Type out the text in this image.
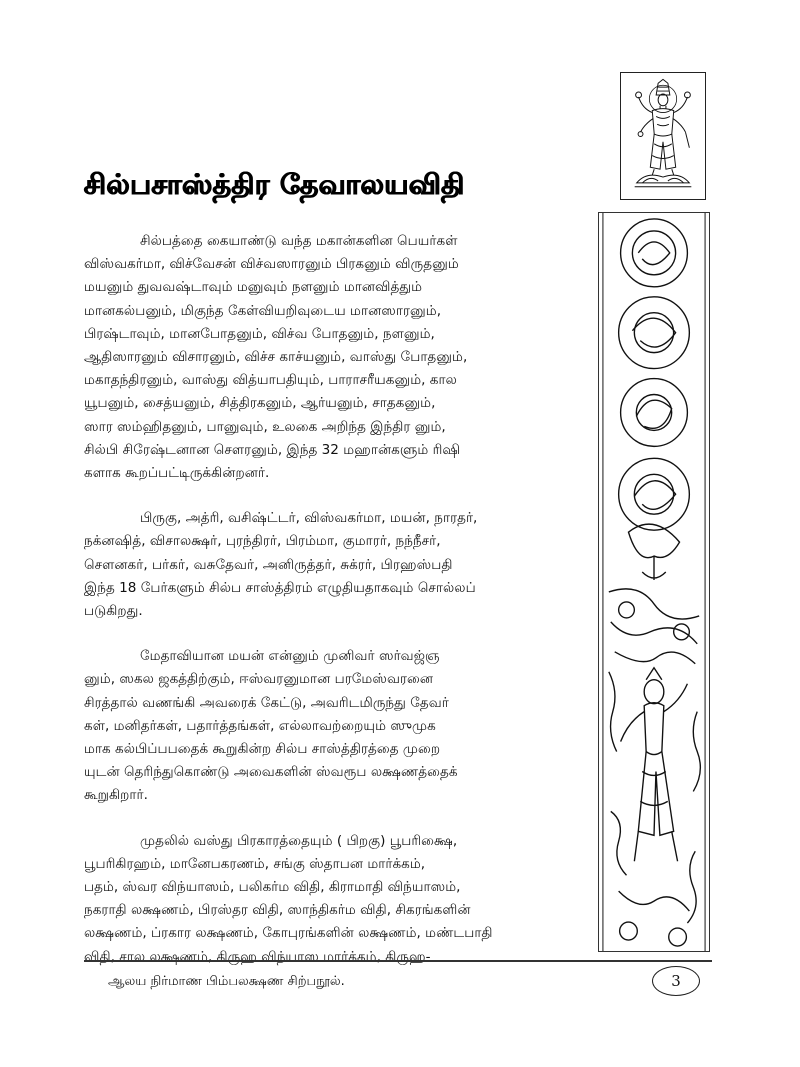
சில்பசாஸ்த்திர தேவாலயவிதி

சில்பத்தை கையாண்டு வந்த மகான்களின பெயர்கள்
விஸ்வகர்மா, விச்வேசன் விச்வஸாரனும் பிரகனும் விருதனும்
மயனும் துவவஷ்டாவும் மனுவும் நளனும் மானவித்தும்
மானகல்பனும், மிகுந்த கேள்வியறிவுடைய மானஸாரனும்,
பிரஷ்டாவும், மானபோதனும், விச்வ போதனும், நளனும்,
ஆதிஸாரனும் விசாரனும், விச்ச காச்யனும், வாஸ்து போதனும்,
மகாதந்திரனும், வாஸ்து வித்யாபதியும், பாராசரீயகனும், கால
யூபனும், சைத்யனும், சித்திரகனும், ஆர்யனும், சாதகனும்,
ஸார ஸம்ஹிதனும், பானுவும், உலகை அறிந்த இந்திர னும்,
சில்பி சிரேஷ்டனான சௌரனும், இந்த 32 மஹான்களும் ரிஷி
களாக கூறப்பட்டிருக்கின்றனர்.

பிருகு, அத்ரி, வசிஷ்ட்டர், விஸ்வகர்மா, மயன், நாரதர்,
நக்னஷித், விசாலக்ஷர், புரந்திரர், பிரம்மா, குமாரர், நந்நீசர்,
சௌனகர், பர்கர், வசுதேவர், அனிருத்தர், சுக்ரர், பிரஹஸ்பதி
இந்த 18 பேர்களும் சில்ப சாஸ்த்திரம் எழுதியதாகவும் சொல்லப்
படுகிறது.

மேதாவியான மயன் என்னும் முனிவர் ஸர்வஜ்ஞ
னும், ஸகல ஜகத்திற்கும், ஈஸ்வரனுமான பரமேஸ்வரனை
சிரத்தால் வணங்கி அவரைக் கேட்டு, அவரிடமிருந்து தேவர்
கள், மனிதர்கள், பதார்த்தங்கள், எல்லாவற்றையும் ஸுமுக
மாக கல்பிப்பபதைக் கூறுகின்ற சில்ப சாஸ்த்திரத்தை முறை
யுடன் தெரிந்துகொண்டு அவைகளின் ஸ்வரூப லக்ஷணத்தைக்
கூறுகிறார்.

முதலில் வஸ்து பிரகாரத்தையும் ( பிறகு) பூபரிக்ஷை,
பூபரிகிரஹம், மானேபகரணம், சங்கு ஸ்தாபன மார்க்கம்,
பதம், ஸ்வர விந்யாஸம், பலிகர்ம விதி, கிராமாதி விந்யாஸம்,
நகராதி லக்ஷணம், பிரஸ்தர விதி, ஸாந்திகர்ம விதி, சிகரங்களின்
லக்ஷணம், ப்ரகார லக்ஷணம், கோபுரங்களின் லக்ஷணம், மண்டபாதி
விதி, சால லக்ஷணம், கிருஹ விந்யாஸ மார்க்கம், கிருஹ-

ஆலய நிர்மாண பிம்பலக்ஷண சிற்பநூல்.	3
